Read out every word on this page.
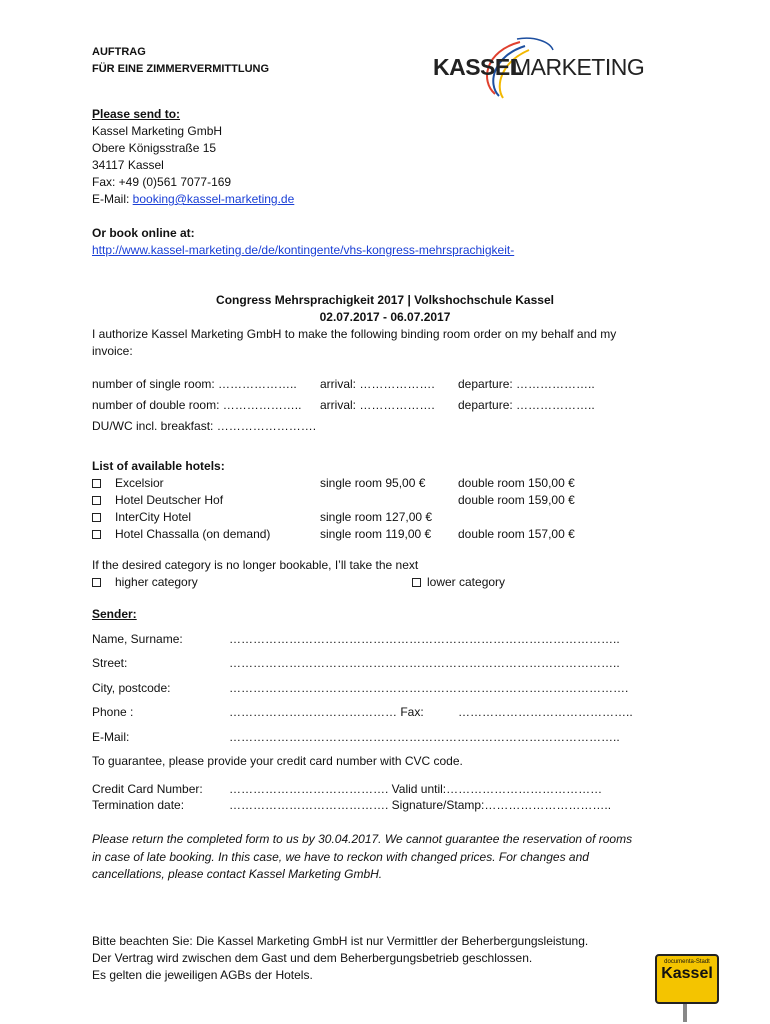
AUFTRAG
FÜR EINE ZIMMERVERMITTLUNG	KASSEL
MARKETING
Please send to:
Kassel Marketing GmbH
Obere Königsstraße 15
34117 Kassel
Fax: +49 (0)561 7077-169
E-Mail: booking@kassel-marketing.de
Or book online at:
http://www.kassel-marketing.de/de/kontingente/vhs-kongress-mehrsprachigkeit-
Congress Mehrsprachigkeit 2017 | Volkshochschule Kassel
02.07.2017 - 06.07.2017
I authorize Kassel Marketing GmbH to make the following binding room order on my behalf and my
invoice:
number of single room: ……………….. arrival: ………………. departure: ………………..
number of double room: ……………….. arrival: ………………. departure: ………………..
DU/WC incl. breakfast: …………………….
List of available hotels:
Excelsior	single room 95,00 €	double room 150,00 €
Hotel Deutscher Hof	double room 159,00 €
InterCity Hotel	single room 127,00 €
Hotel Chassalla (on demand)	single room 119,00 € double room 157,00 €
If the desired category is no longer bookable, I’ll take the next
higher category	lower category
Sender:
Name, Surname:	……………………………………………………………………………………..
Street:	……………………………………………………………………………………..
City, postcode:	……………………………………………………………………………………….
Phone :	…………………………………… Fax:	……………………………………..
E-Mail:	……………………………………………………………………………………..
To guarantee, please provide your credit card number with CVC code.
Credit Card Number: …………………………………. Valid until:…………………………………
Termination date:	…………………………………. Signature/Stamp:…………………………..
Please return the completed form to us by 30.04.2017. We cannot guarantee the reservation of rooms
in case of late booking. In this case, we have to reckon with changed prices. For changes and
cancellations, please contact Kassel Marketing GmbH.
Bitte beachten Sie: Die Kassel Marketing GmbH ist nur Vermittler der Beherbergungsleistung.
Der Vertrag wird zwischen dem Gast und dem Beherbergungsbetrieb geschlossen.
Es gelten die jeweiligen AGBs der Hotels.
documenta-Stadt
Kassel
